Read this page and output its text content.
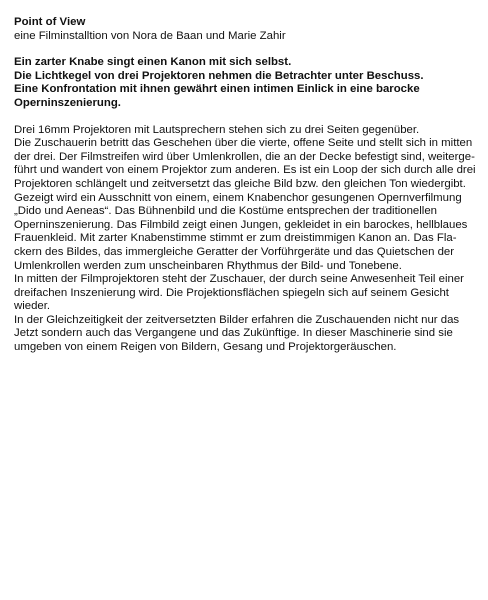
Point of View
eine Filminstalltion von Nora de Baan und Marie Zahir
Ein zarter Knabe singt einen Kanon mit sich selbst.
Die Lichtkegel von drei Projektoren nehmen die Betrachter unter Beschuss.
Eine Konfrontation mit ihnen gewährt einen intimen Einlick in eine barocke
Operninszenierung.
Drei 16mm Projektoren mit Lautsprechern stehen sich zu drei Seiten gegenüber.
Die Zuschauerin betritt das Geschehen über die vierte, offene Seite und stellt sich in mitten
der drei. Der Filmstreifen wird über Umlenkrollen, die an der Decke befestigt sind, weiterge-
führt und wandert von einem Projektor zum anderen. Es ist ein Loop der sich durch alle drei
Projektoren schlängelt und zeitversetzt das gleiche Bild bzw. den gleichen Ton wiedergibt.
Gezeigt wird ein Ausschnitt von einem, einem Knabenchor gesungenen Opernverfilmung
„Dido und Aeneas“. Das Bühnenbild und die Kostüme entsprechen der traditionellen
Operninszenierung. Das Filmbild zeigt einen Jungen, gekleidet in ein barockes, hellblaues
Frauenkleid. Mit zarter Knabenstimme stimmt er zum dreistimmigen Kanon an. Das Fla-
ckern des Bildes, das immergleiche Geratter der Vorführgeräte und das Quietschen der
Umlenkrollen werden zum unscheinbaren Rhythmus der Bild- und Tonebene.
In mitten der Filmprojektoren steht der Zuschauer, der durch seine Anwesenheit Teil einer
dreifachen Inszenierung wird. Die Projektionsflächen spiegeln sich auf seinem Gesicht
wieder.
In der Gleichzeitigkeit der zeitversetzten Bilder erfahren die Zuschauenden nicht nur das
Jetzt sondern auch das Vergangene und das Zukünftige. In dieser Maschinerie sind sie
umgeben von einem Reigen von Bildern, Gesang und Projektorgeräuschen.
